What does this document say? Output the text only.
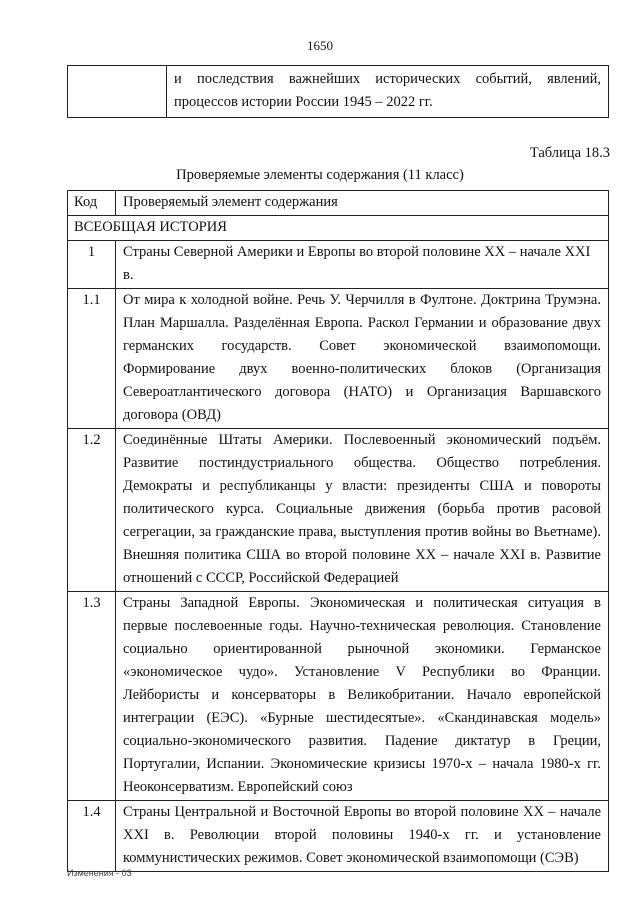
1650
	и последствия важнейших исторических событий, явлений, процессов истории России 1945 – 2022 гг.
Таблица 18.3
Проверяемые элементы содержания (11 класс)
Код	Проверяемый элемент содержания
ВСЕОБЩАЯ ИСТОРИЯ	
1	Страны Северной Америки и Европы во второй половине XX – начале XXI в.
1.1	От мира к холодной войне. Речь У. Черчилля в Фултоне. Доктрина Трумэна. План Маршалла. Разделённая Европа. Раскол Германии и образование двух германских государств. Совет экономической взаимопомощи. Формирование двух военно-политических блоков (Организация Североатлантического договора (НАТО) и Организация Варшавского договора (ОВД)
1.2	Соединённые Штаты Америки. Послевоенный экономический подъём. Развитие постиндустриального общества. Общество потребления. Демократы и республиканцы у власти: президенты США и повороты политического курса. Социальные движения (борьба против расовой сегрегации, за гражданские права, выступления против войны во Вьетнаме). Внешняя политика США во второй половине XX – начале XXI в. Развитие отношений с СССР, Российской Федерацией
1.3	Страны Западной Европы. Экономическая и политическая ситуация в первые послевоенные годы. Научно-техническая революция. Становление социально ориентированной рыночной экономики. Германское «экономическое чудо». Установление V Республики во Франции. Лейбористы и консерваторы в Великобритании. Начало европейской интеграции (ЕЭС). «Бурные шестидесятые». «Скандинавская модель» социально-экономического развития. Падение диктатур в Греции, Португалии, Испании. Экономические кризисы 1970-х – начала 1980-х гг. Неоконсерватизм. Европейский союз
1.4	Страны Центральной и Восточной Европы во второй половине XX – начале XXI в. Революции второй половины 1940-х гг. и установление коммунистических режимов. Совет экономической взаимопомощи (СЭВ)
Изменения - 03
